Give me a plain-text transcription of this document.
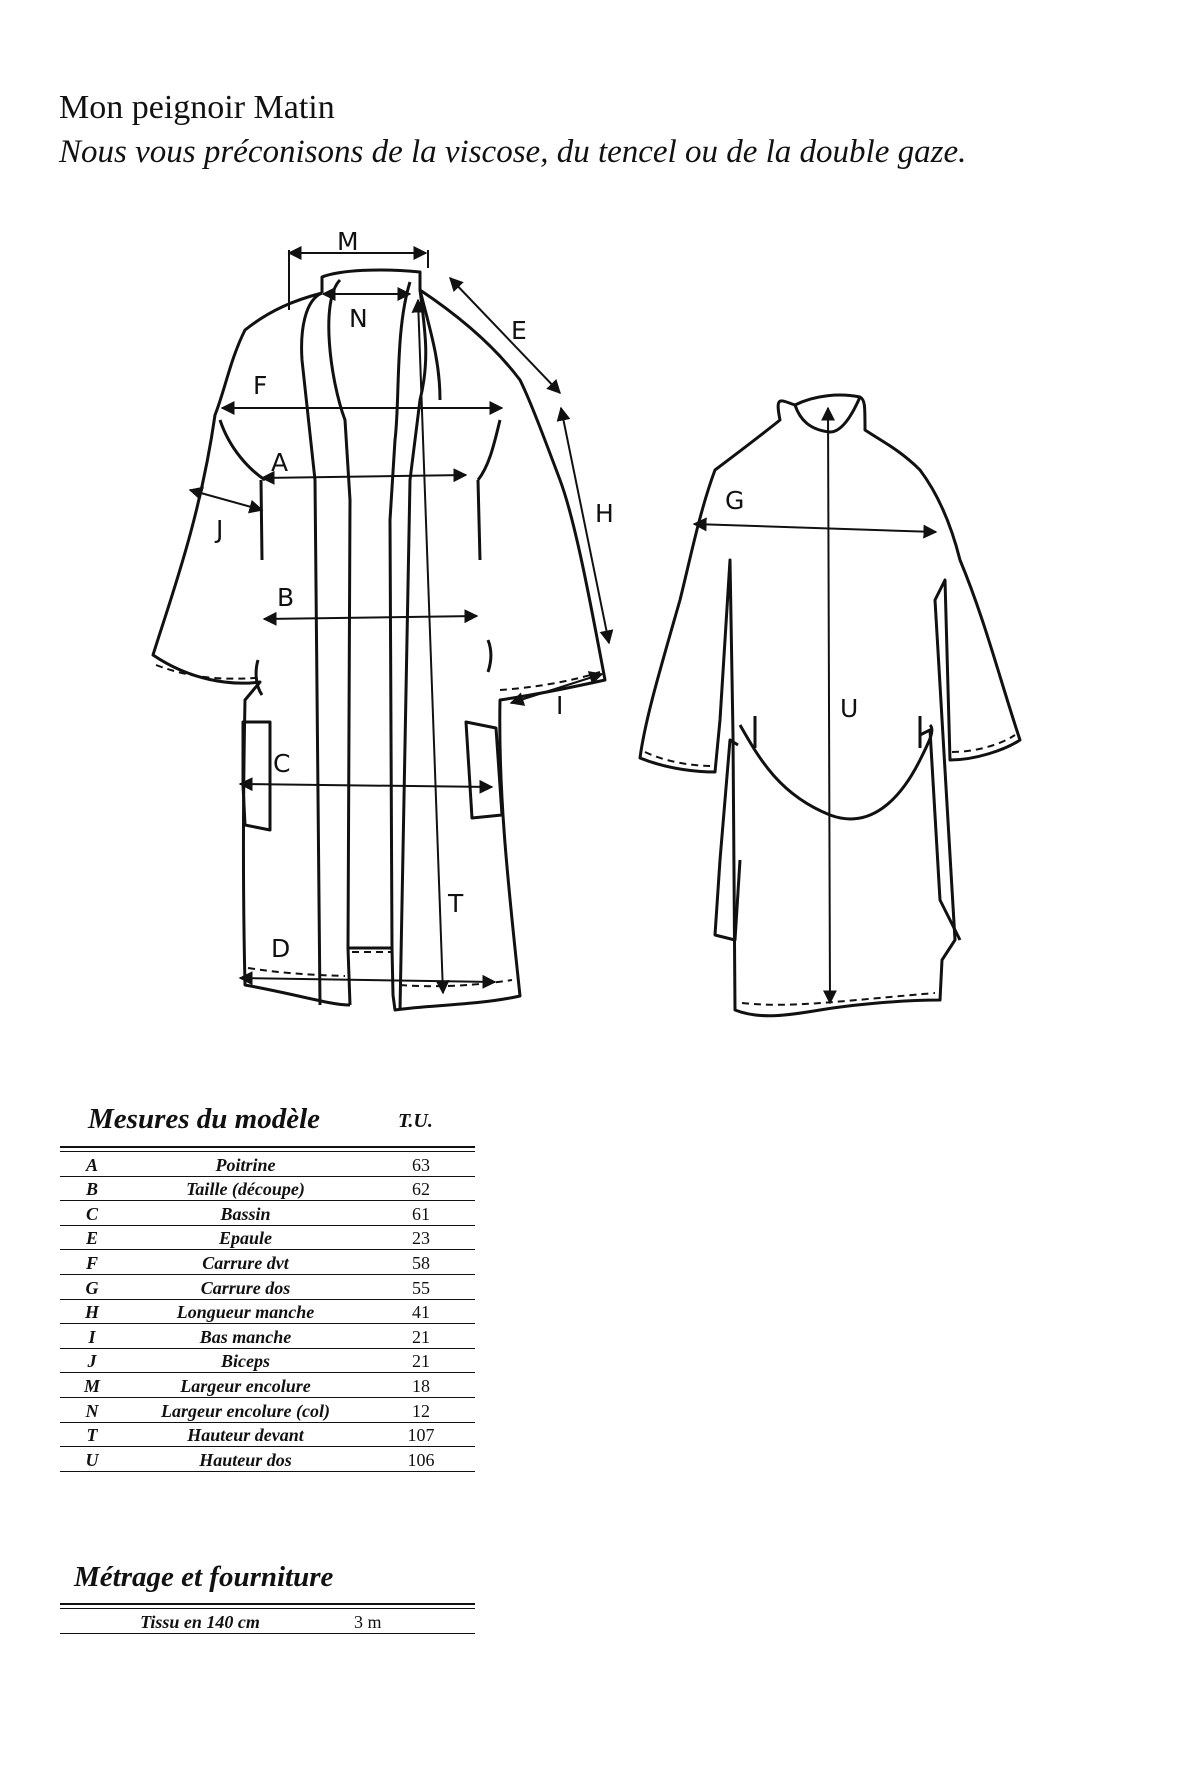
Mon peignoir Matin

Nous vous préconisons de la viscose, du tencel ou de la double gaze.

M
N	E
F
A
H
J
B
I
C
T
D
G
U
Mesures du modèle	T.U.
A	Poitrine	63
B	Taille (découpe)	62
C	Bassin	61
E	Epaule	23
F	Carrure dvt	58
G	Carrure dos	55
H	Longueur manche	41
I	Bas manche	21
J	Biceps	21
M	Largeur encolure	18
N	Largeur encolure (col)	12
T	Hauteur devant	107
U	Hauteur dos	106
Métrage et fourniture
Tissu en 140 cm	3 m
